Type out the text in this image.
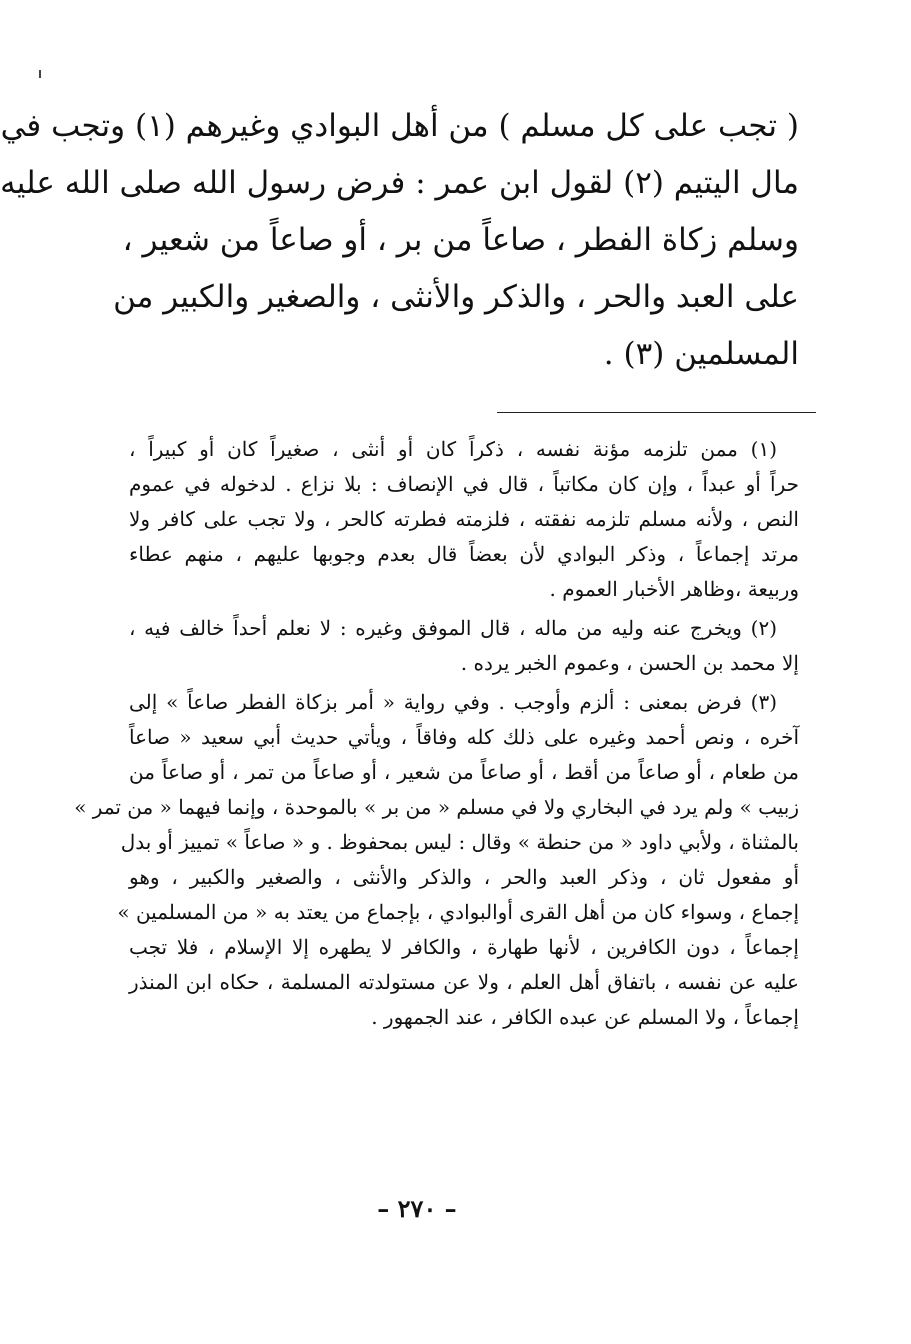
( تجب على كل مسلم ) من أهل البوادي وغيرهم (١) وتجب في
مال اليتيم (٢) لقول ابن عمر : فرض رسول الله صلى الله عليه
وسلم زكاة الفطر ، صاعاً من بر ، أو صاعاً من شعير ،
على العبد والحر ، والذكر والأنثى ، والصغير والكبير من
المسلمين (٣) .
(١) ممن تلزمه مؤنة نفسه ، ذكراً كان أو أنثى ، صغيراً كان أو كبيراً ،
حراً أو عبداً ، وإن كان مكاتباً ، قال في الإنصاف : بلا نزاع . لدخوله في عموم
النص ، ولأنه مسلم تلزمه نفقته ، فلزمته فطرته كالحر ، ولا تجب على كافر ولا
مرتد إجماعاً ، وذكر البوادي لأن بعضاً قال بعدم وجوبها عليهم ، منهم عطاء
وربيعة ،وظاهر الأخبار العموم .
(٢) ويخرج عنه وليه من ماله ، قال الموفق وغيره : لا نعلم أحداً خالف فيه ،
إلا محمد بن الحسن ، وعموم الخبر يرده .
(٣) فرض بمعنى : ألزم وأوجب . وفي رواية « أمر بزكاة الفطر صاعاً » إلى
آخره ، ونص أحمد وغيره على ذلك كله وفاقاً ، ويأتي حديث أبي سعيد « صاعاً
من طعام ، أو صاعاً من أقط ، أو صاعاً من شعير ، أو صاعاً من تمر ، أو صاعاً من
زبيب » ولم يرد في البخاري ولا في مسلم « من بر » بالموحدة ، وإنما فيهما « من تمر »
بالمثناة ، ولأبي داود « من حنطة » وقال : ليس بمحفوظ . و « صاعاً » تمييز أو بدل
أو مفعول ثان ، وذكر العبد والحر ، والذكر والأنثى ، والصغير والكبير ، وهو
إجماع ، وسواء كان من أهل القرى أوالبوادي ، بإجماع من يعتد به « من المسلمين »
إجماعاً ، دون الكافرين ، لأنها طهارة ، والكافر لا يطهره إلا الإسلام ، فلا تجب
عليه عن نفسه ، باتفاق أهل العلم ، ولا عن مستولدته المسلمة ، حكاه ابن المنذر
إجماعاً ، ولا المسلم عن عبده الكافر ، عند الجمهور .
– ٢٧٠ –
